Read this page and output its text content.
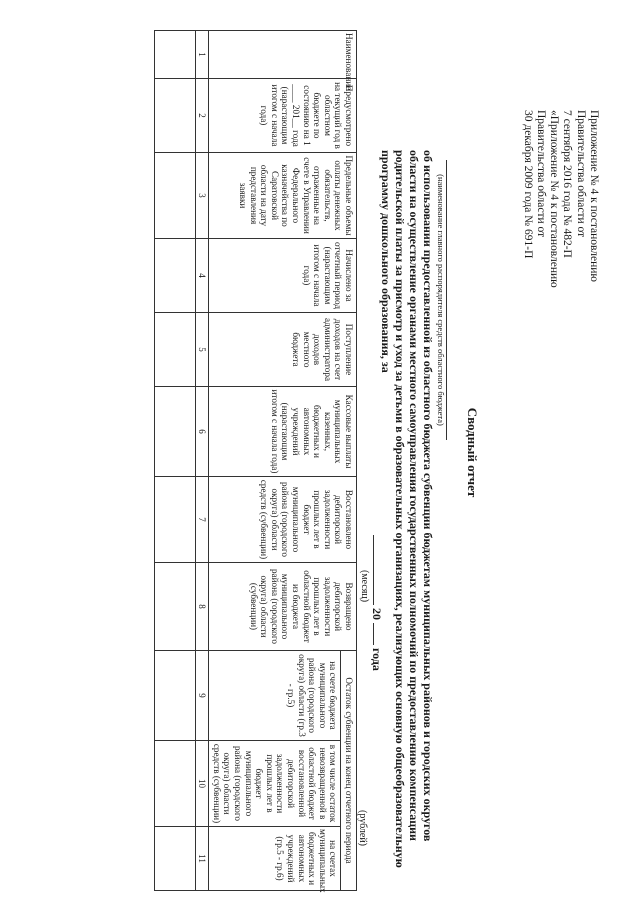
Приложение № 4 к постановлению
Правительства области от
7 сентября 2016 года № 482-П
«Приложение № 4 к постановлению
Правительства области от
30 декабря 2009 года № 691-П
Сводный отчет
(наименование главного распорядителя средств областного бюджета)
об использовании предоставленной из областного бюджета субвенции бюджетам муниципальных районов и городских округов
области на осуществление органами местного самоуправления государственных полномочий по предоставлению компенсации
родительской платы за присмотр и уход за детьми в образовательных организациях, реализующих основную общеобразовательную
программу дошкольного образования, за
20  года
(месяц)
(рублей)
Наименование	Предусмотрено на текущий год в областном бюджете по состоянию на 1 ____ 201__ года (нарастающим итогом с начала года)	Предельные объемы оплаты денежных обязательств, отраженные на счете в Управлении Федерального казначейства по Саратовской области на дату представления заявки	Начислено за отчетный период (нарастающим итогом с начала года)	Поступление доходов на счет администратора доходов местного бюджета	Кассовые выплаты муниципальных казенных, бюджетных и автономных учреждений (нарастающим итогом с начала года)	Восстановлено дебиторской задолженности прошлых лет в бюджет муниципального района (городского округа) области средств (субвенции)	Возвращено дебиторской задолженности прошлых лет в областной бюджет из бюджета муниципального района (городского округа) области (субвенции)	Остаток субвенции на конец отчетного периода		
								на счете бюджета муниципального района (городского округа) области (гр.3 - гр.5)	в том числе остаток невозвращенной в областной бюджет восстановленной дебиторской задолженности прошлых лет в бюджет муниципального района (городского округа) области средств (субвенции)	на счетах муниципальных бюджетных и автономных учреждений (гр.5 - гр.6)
1	2	3	4	5	6	7	8	9	10	11
